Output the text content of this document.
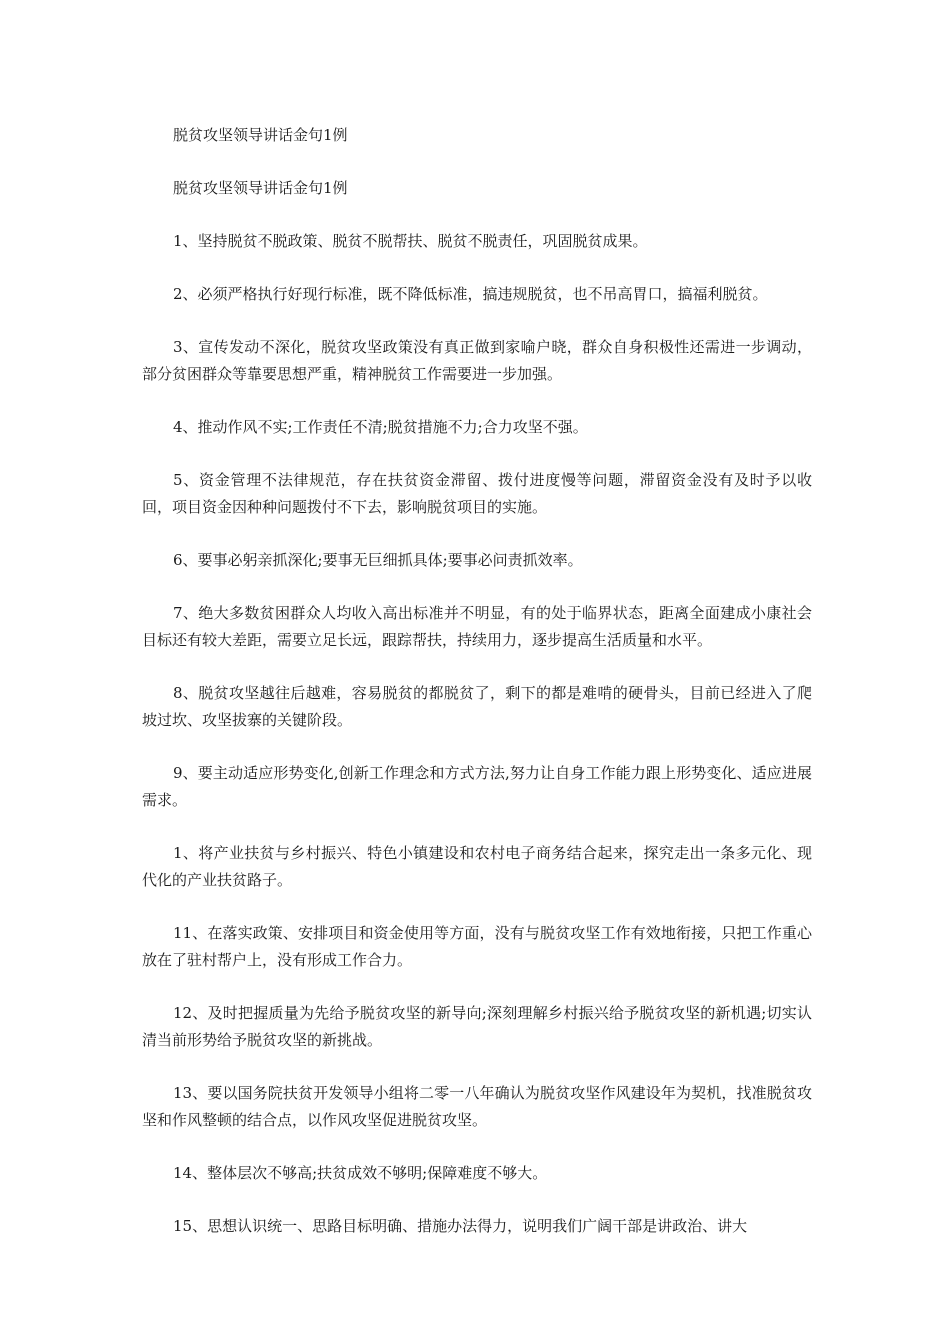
脱贫攻坚领导讲话金句1例

脱贫攻坚领导讲话金句1例

1、坚持脱贫不脱政策、脱贫不脱帮扶、脱贫不脱责任，巩固脱贫成果。

2、必须严格执行好现行标准，既不降低标准，搞违规脱贫，也不吊高胃口，搞福利脱贫。

3、宣传发动不深化，脱贫攻坚政策没有真正做到家喻户晓，群众自身积极性还需进一步调动，部分贫困群众等靠要思想严重，精神脱贫工作需要进一步加强。

4、推动作风不实;工作责任不清;脱贫措施不力;合力攻坚不强。

5、资金管理不法律规范，存在扶贫资金滞留、拨付进度慢等问题，滞留资金没有及时予以收回，项目资金因种种问题拨付不下去，影响脱贫项目的实施。

6、要事必躬亲抓深化;要事无巨细抓具体;要事必问责抓效率。

7、绝大多数贫困群众人均收入高出标准并不明显，有的处于临界状态，距离全面建成小康社会目标还有较大差距，需要立足长远，跟踪帮扶，持续用力，逐步提高生活质量和水平。

8、脱贫攻坚越往后越难，容易脱贫的都脱贫了，剩下的都是难啃的硬骨头，目前已经进入了爬坡过坎、攻坚拔寨的关键阶段。

9、要主动适应形势变化,创新工作理念和方式方法,努力让自身工作能力跟上形势变化、适应进展需求。

1、将产业扶贫与乡村振兴、特色小镇建设和农村电子商务结合起来，探究走出一条多元化、现代化的产业扶贫路子。

11、在落实政策、安排项目和资金使用等方面，没有与脱贫攻坚工作有效地衔接，只把工作重心放在了驻村帮户上，没有形成工作合力。

12、及时把握质量为先给予脱贫攻坚的新导向;深刻理解乡村振兴给予脱贫攻坚的新机遇;切实认清当前形势给予脱贫攻坚的新挑战。

13、要以国务院扶贫开发领导小组将二零一八年确认为脱贫攻坚作风建设年为契机，找准脱贫攻坚和作风整顿的结合点，以作风攻坚促进脱贫攻坚。

14、整体层次不够高;扶贫成效不够明;保障难度不够大。

15、思想认识统一、思路目标明确、措施办法得力，说明我们广阔干部是讲政治、讲大
